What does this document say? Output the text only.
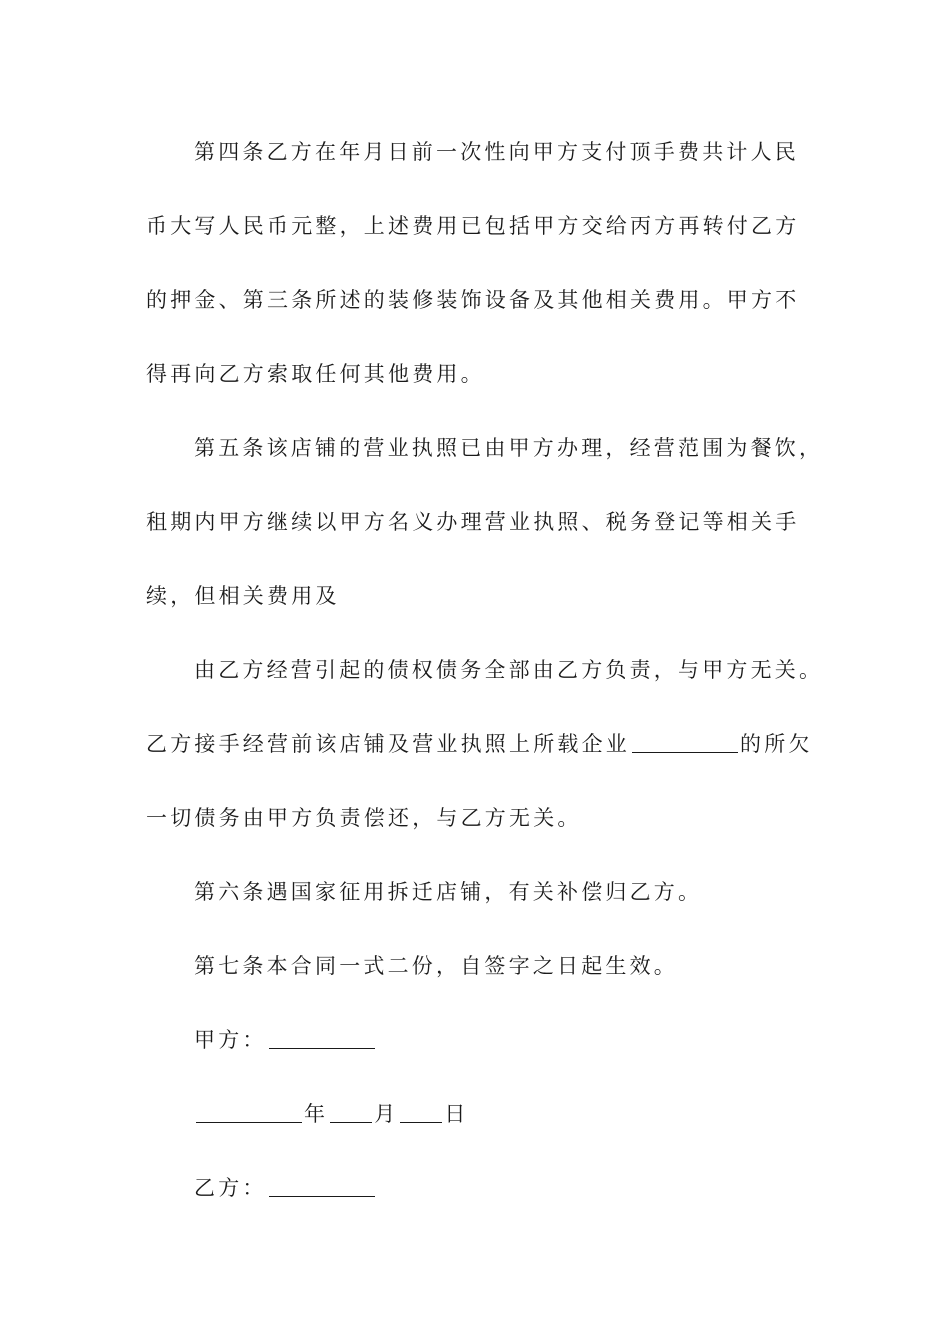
第四条乙方在年月日前一次性向甲方支付顶手费共计人民
币大写人民币元整，上述费用已包括甲方交给丙方再转付乙方
的押金、第三条所述的装修装饰设备及其他相关费用。甲方不
得再向乙方索取任何其他费用。
第五条该店铺的营业执照已由甲方办理，经营范围为餐饮，
租期内甲方继续以甲方名义办理营业执照、税务登记等相关手
续，但相关费用及
由乙方经营引起的债权债务全部由乙方负责，与甲方无关。
乙方接手经营前该店铺及营业执照上所载企业	的所欠
一切债务由甲方负责偿还，与乙方无关。
第六条遇国家征用拆迁店铺，有关补偿归乙方。
第七条本合同一式二份，自签字之日起生效。
甲方：
年 月 日
乙方：
